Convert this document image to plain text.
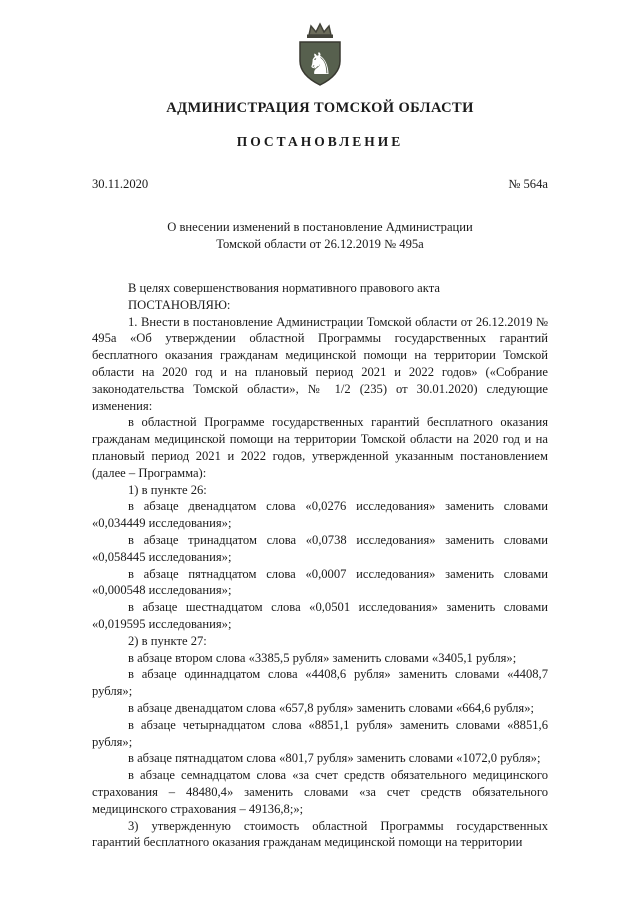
♞
АДМИНИСТРАЦИЯ ТОМСКОЙ ОБЛАСТИ
ПОСТАНОВЛЕНИЕ
30.11.2020	№ 564а
О внесении изменений в постановление Администрации
Томской области от 26.12.2019 № 495а

В целях совершенствования нормативного правового акта

ПОСТАНОВЛЯЮ:

1. Внести в постановление Администрации Томской области от 26.12.2019 № 495а «Об утверждении областной Программы государственных гарантий бесплатного оказания гражданам медицинской помощи на территории Томской области на 2020 год и на плановый период 2021 и 2022 годов» («Собрание законодательства Томской области», № 1/2 (235) от 30.01.2020) следующие изменения:

в областной Программе государственных гарантий бесплатного оказания гражданам медицинской помощи на территории Томской области на 2020 год и на плановый период 2021 и 2022 годов, утвержденной указанным постановлением (далее – Программа):

1) в пункте 26:

в абзаце двенадцатом слова «0,0276 исследования» заменить словами «0,034449 исследования»;

в абзаце тринадцатом слова «0,0738 исследования» заменить словами «0,058445 исследования»;

в абзаце пятнадцатом слова «0,0007 исследования» заменить словами «0,000548 исследования»;

в абзаце шестнадцатом слова «0,0501 исследования» заменить словами «0,019595 исследования»;

2) в пункте 27:

в абзаце втором слова «3385,5 рубля» заменить словами «3405,1 рубля»;

в абзаце одиннадцатом слова «4408,6 рубля» заменить словами «4408,7 рубля»;

в абзаце двенадцатом слова «657,8 рубля» заменить словами «664,6 рубля»;

в абзаце четырнадцатом слова «8851,1 рубля» заменить словами «8851,6 рубля»;

в абзаце пятнадцатом слова «801,7 рубля» заменить словами «1072,0 рубля»;

в абзаце семнадцатом слова «за счет средств обязательного медицинского страхования – 48480,4» заменить словами «за счет средств обязательного медицинского страхования – 49136,8;»;

3) утвержденную стоимость областной Программы государственных гарантий бесплатного оказания гражданам медицинской помощи на территории
